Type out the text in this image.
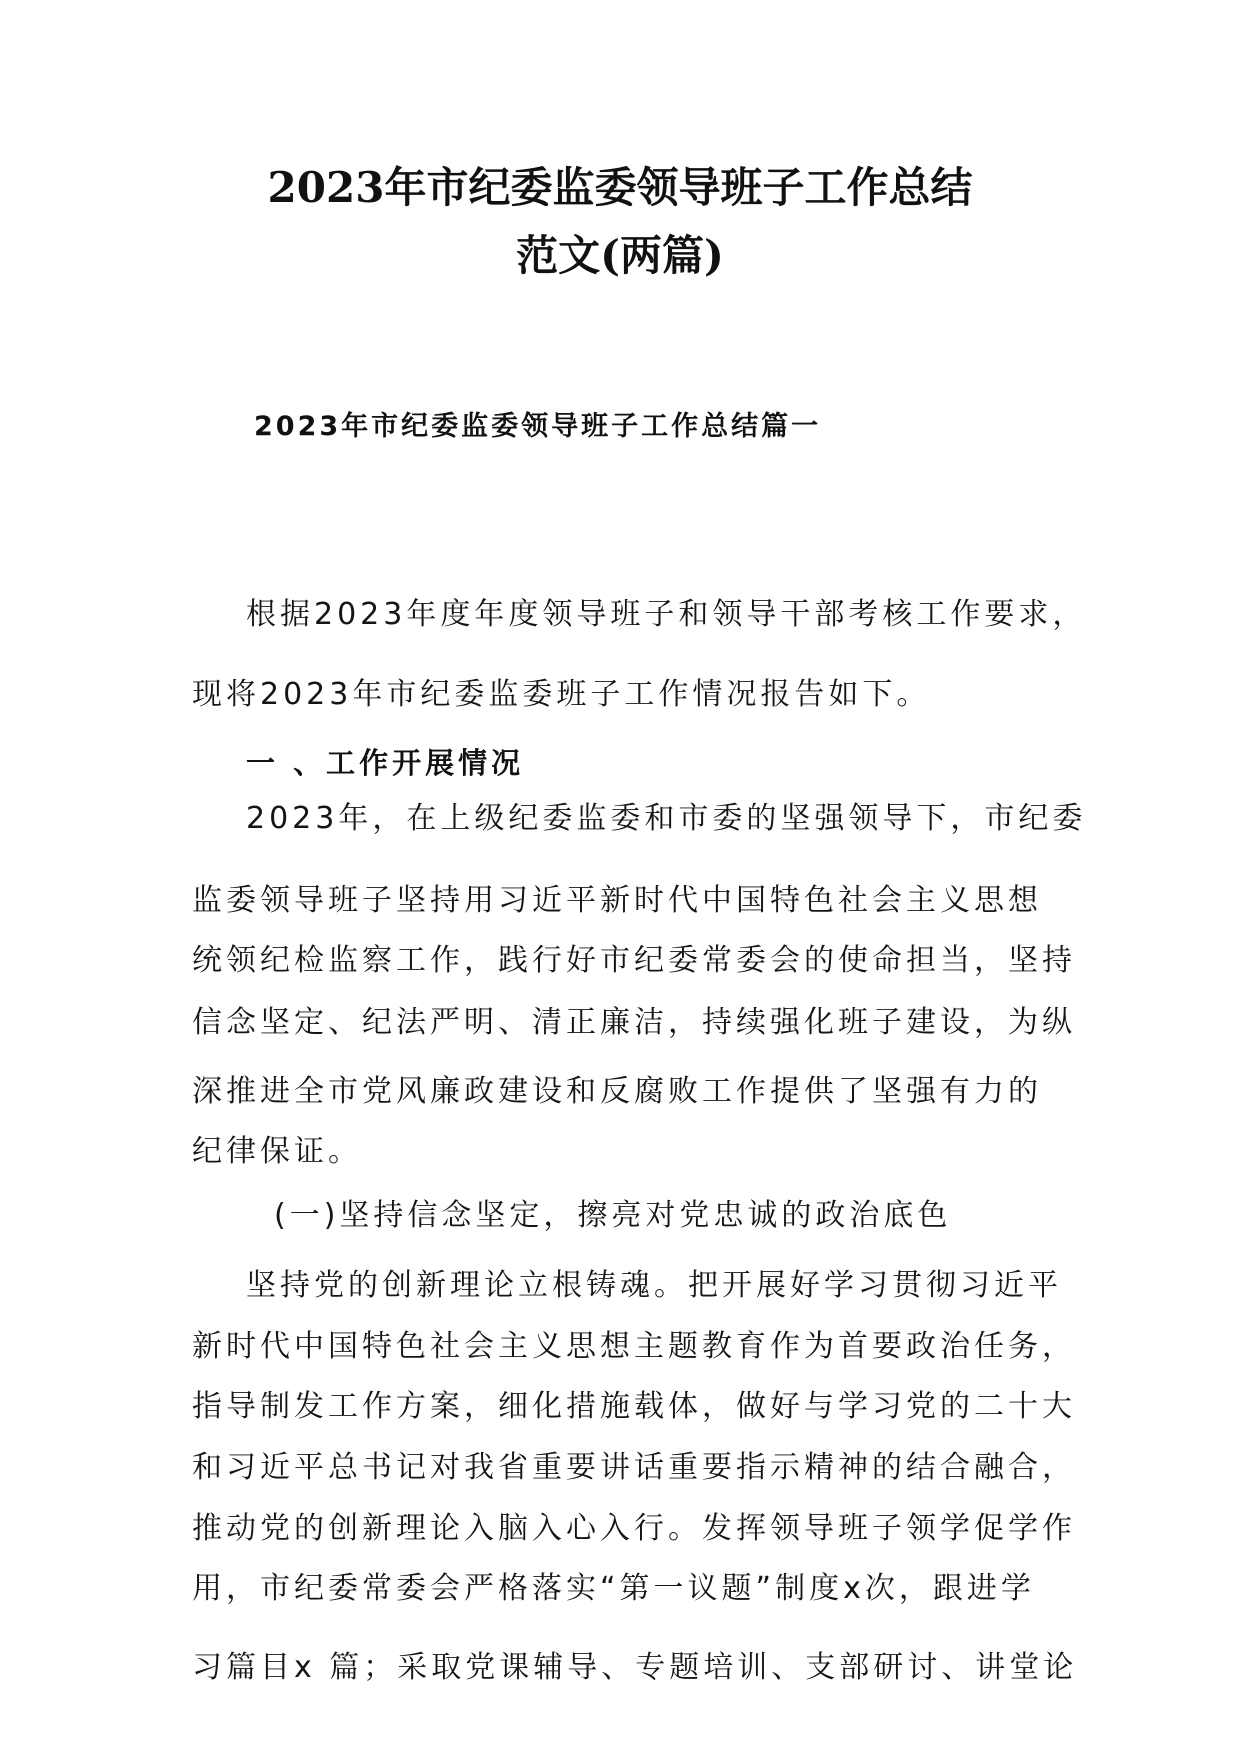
2023年市纪委监委领导班子工作总结
范文(两篇)
2023年市纪委监委领导班子工作总结篇一
根据2023年度年度领导班子和领导干部考核工作要求，
现将2023年市纪委监委班子工作情况报告如下。
一 、工作开展情况
2023年，在上级纪委监委和市委的坚强领导下，市纪委
监委领导班子坚持用习近平新时代中国特色社会主义思想
统领纪检监察工作，践行好市纪委常委会的使命担当，坚持
信念坚定、纪法严明、清正廉洁，持续强化班子建设，为纵
深推进全市党风廉政建设和反腐败工作提供了坚强有力的
纪律保证。
(一)坚持信念坚定，擦亮对党忠诚的政治底色
坚持党的创新理论立根铸魂。把开展好学习贯彻习近平
新时代中国特色社会主义思想主题教育作为首要政治任务，
指导制发工作方案，细化措施载体，做好与学习党的二十大
和习近平总书记对我省重要讲话重要指示精神的结合融合，
推动党的创新理论入脑入心入行。发挥领导班子领学促学作
用，市纪委常委会严格落实“第一议题”制度x次，跟进学
习篇目x 篇；采取党课辅导、专题培训、支部研讨、讲堂论
